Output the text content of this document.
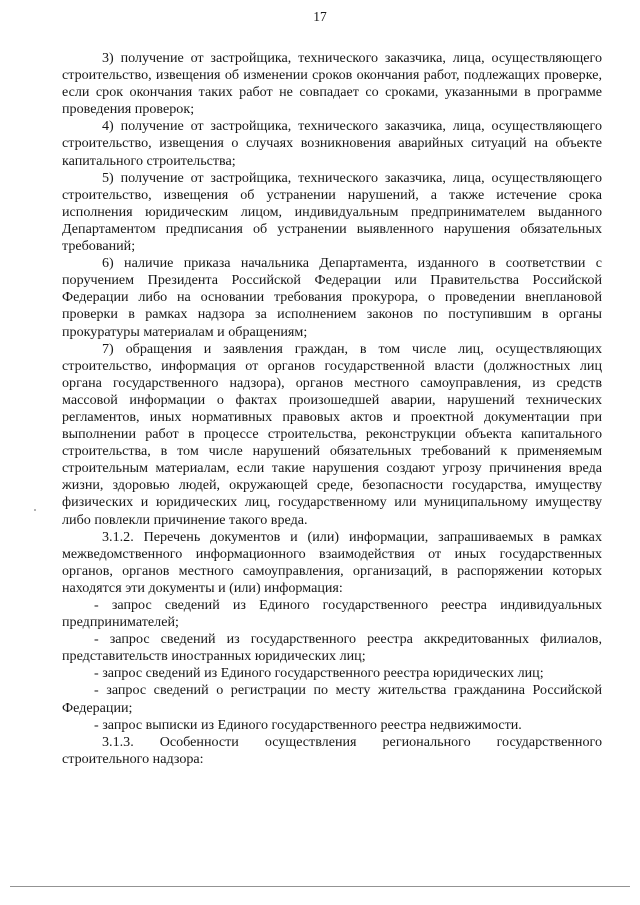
17

3) получение от застройщика, технического заказчика, лица, осуществляющего строительство, извещения об изменении сроков окончания работ, подлежащих проверке, если срок окончания таких работ не совпадает со сроками, указанными в программе проведения проверок;

4) получение от застройщика, технического заказчика, лица, осуществляющего строительство, извещения о случаях возникновения аварийных ситуаций на объекте капитального строительства;

5) получение от застройщика, технического заказчика, лица, осуществляющего строительство, извещения об устранении нарушений, а также истечение срока исполнения юридическим лицом, индивидуальным предпринимателем выданного Департаментом предписания об устранении выявленного нарушения обязательных требований;

6) наличие приказа начальника Департамента, изданного в соответствии с поручением Президента Российской Федерации или Правительства Российской Федерации либо на основании требования прокурора, о проведении внеплановой проверки в рамках надзора за исполнением законов по поступившим в органы прокуратуры материалам и обращениям;

7) обращения и заявления граждан, в том числе лиц, осуществляющих строительство, информация от органов государственной власти (должностных лиц органа государственного надзора), органов местного самоуправления, из средств массовой информации о фактах произошедшей аварии, нарушений технических регламентов, иных нормативных правовых актов и проектной документации при выполнении работ в процессе строительства, реконструкции объекта капитального строительства, в том числе нарушений обязательных требований к применяемым строительным материалам, если такие нарушения создают угрозу причинения вреда жизни, здоровью людей, окружающей среде, безопасности государства, имуществу физических и юридических лиц, государственному или муниципальному имуществу либо повлекли причинение такого вреда.

3.1.2. Перечень документов и (или) информации, запрашиваемых в рамках межведомственного информационного взаимодействия от иных государственных органов, органов местного самоуправления, организаций, в распоряжении которых находятся эти документы и (или) информация:

- запрос сведений из Единого государственного реестра индивидуальных предпринимателей;

- запрос сведений из государственного реестра аккредитованных филиалов, представительств иностранных юридических лиц;

- запрос сведений из Единого государственного реестра юридических лиц;

- запрос сведений о регистрации по месту жительства гражданина Российской Федерации;

- запрос выписки из Единого государственного реестра недвижимости.

3.1.3. Особенности осуществления регионального государственного строительного надзора:
